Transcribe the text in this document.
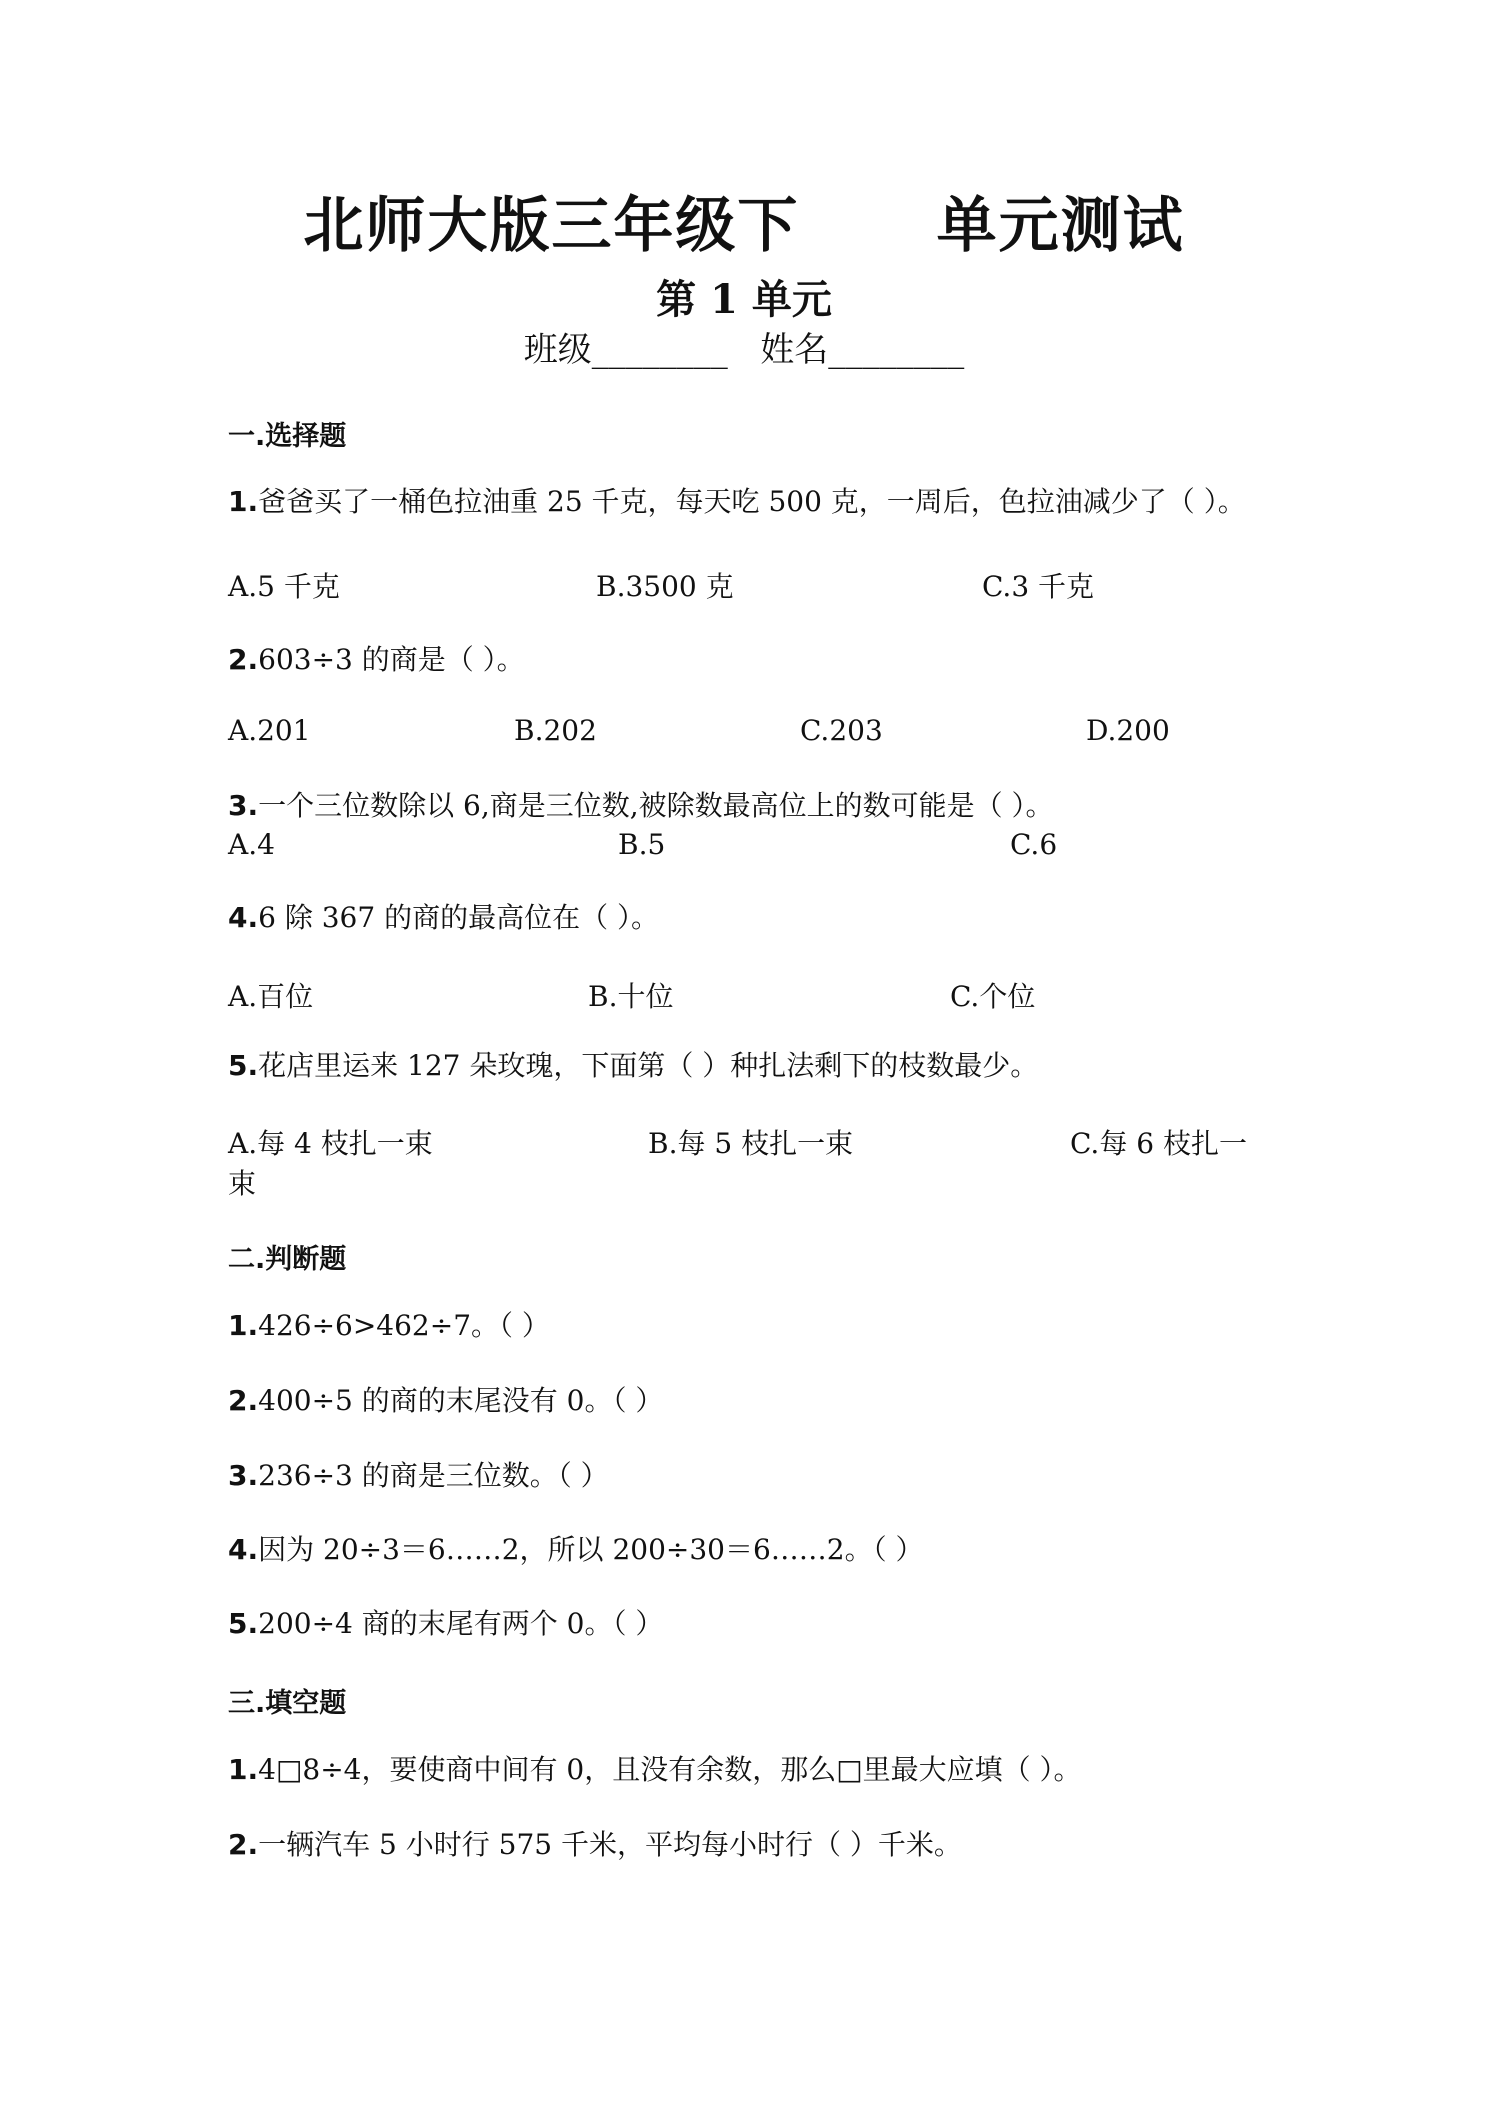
北师大版三年级下      单元测试
第 1 单元
班级________   姓名________
一.选择题
1.爸爸买了一桶色拉油重 25 千克，每天吃 500 克，一周后，色拉油减少了（ ）。
A.5 千克	B.3500 克	C.3 千克
2.603÷3 的商是（ ）。
A.201	B.202	C.203	D.200
3.一个三位数除以 6,商是三位数,被除数最高位上的数可能是（ ）。
A.4	B.5	C.6
4.6 除 367 的商的最高位在（ ）。
A.百位	B.十位	C.个位
5.花店里运来 127 朵玫瑰，下面第（ ）种扎法剩下的枝数最少。
A.每 4 枝扎一束	B.每 5 枝扎一束	C.每 6 枝扎一
束
二.判断题
1.426÷6>462÷7。（ ）
2.400÷5 的商的末尾没有 0。（ ）
3.236÷3 的商是三位数。（ ）
4.因为 20÷3＝6……2，所以 200÷30＝6……2。（ ）
5.200÷4 商的末尾有两个 0。（ ）
三.填空题
1.4□8÷4，要使商中间有 0，且没有余数，那么□里最大应填（ ）。
2.一辆汽车 5 小时行 575 千米，平均每小时行（ ）千米。
